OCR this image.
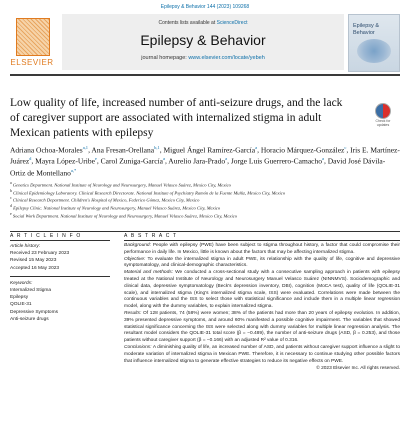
Epilepsy & Behavior 144 (2023) 109268
ELSEVIER
Contents lists available at ScienceDirect
Epilepsy & Behavior
journal homepage: www.elsevier.com/locate/yebeh
Epilepsy & Behavior
Low quality of life, increased number of anti-seizure drugs, and the lack of caregiver support are associated with internalized stigma in adult Mexican patients with epilepsy
Check for updates
Adriana Ochoa-Morales$^{a,1}$, Ana Fresan-Orellana$^{b,1}$, Miguel Ángel Ramírez-García$^a$, Horacio Márquez-González$^c$, Iris E. Martínez-Juárez$^d$, Mayra López-Uribe$^e$, Carol Zuniga-García$^a$, Aurelio Jara-Prado$^a$, Jorge Luis Guerrero-Camacho$^a$, David José Dávila-Ortiz de Montellano$^{a,*}$
$^a$ Genetics Department. National Institute of Neurology and Neurosurgery, Manuel Velasco Suárez, Mexico City, Mexico
$^b$ Clinical Epidemiology Laboratory. Clinical Research Directorate. National Institute of Psychiatry Ramón de la Fuente Muñiz, Mexico City, Mexico
$^c$ Clinical Research Department. Children's Hospital of Mexico, Federico Gómez, Mexico City, Mexico
$^d$ Epilepsy Clinic. National Institute of Neurology and Neurosurgery, Manuel Velasco Suárez, Mexico City, Mexico
$^e$ Social Work Department. National Institute of Neurology and Neurosurgery, Manuel Velasco Suárez, Mexico City, Mexico
A R T I C L E I N F O	A B S T R A C T
Article history:
Received 23 February 2023
Revised 15 May 2023
Accepted 16 May 2023
Keywords:
Internalized Stigma
Epilepsy
QOLIE-31
Depressive Symptoms
Anti-seizure drugs

Background: People with epilepsy (PWE) have been subject to stigma throughout history, a factor that could compromise their performance in daily life. In Mexico, little is known about the factors that may be affecting internalized stigma.

Objective: To evaluate the internalized stigma in adult PWE, its relationship with the quality of life, cognitive and depressive symptomatology, and clinical-demographic characteristics.

Material and methods: We conducted a cross-sectional study with a consecutive sampling approach in patients with epilepsy treated at the National Institute of Neurology and Neurosurgery Manuel Velasco Suárez (NINNMVS). Sociodemographic and clinical data, depressive symptomatology (Beck's depression inventory, DBI), cognition (MoCA test), quality of life (QOLIE-31 scale), and internalized stigma (King's internalized stigma scale, ISS) were evaluated. Correlations were made between the continuous variables and the ISS to select those with statistical significance and include them in a multiple linear regression model, along with the dummy variables, to explain internalized stigma.

Results: Of 128 patients, 74 (58%) were women; 38% of the patients had more than 20 years of epilepsy evolution. In addition, 39% presented depressive symptoms, and around 60% manifested a possible cognitive impairment. The variables that showed statistical significance concerning the ISS were selected along with dummy variables for multiple linear regression analysis. The resultant model considers the QOLIE-31 total score (β = −0.489), the number of anti-seizure drugs (ASD, β = 0.253), and those patients without caregiver support (β = −0.166) with an adjusted R² value of 0.316.

Conclusions: A diminishing quality of life, an increased number of ASD, and patients without caregiver support influence a slight to moderate variation of internalized stigma in Mexican PWE. Therefore, it is necessary to continue studying other possible factors that influence internalized stigma to generate effective strategies to reduce its negative effects on PWE.

© 2023 Elsevier Inc. All rights reserved.
